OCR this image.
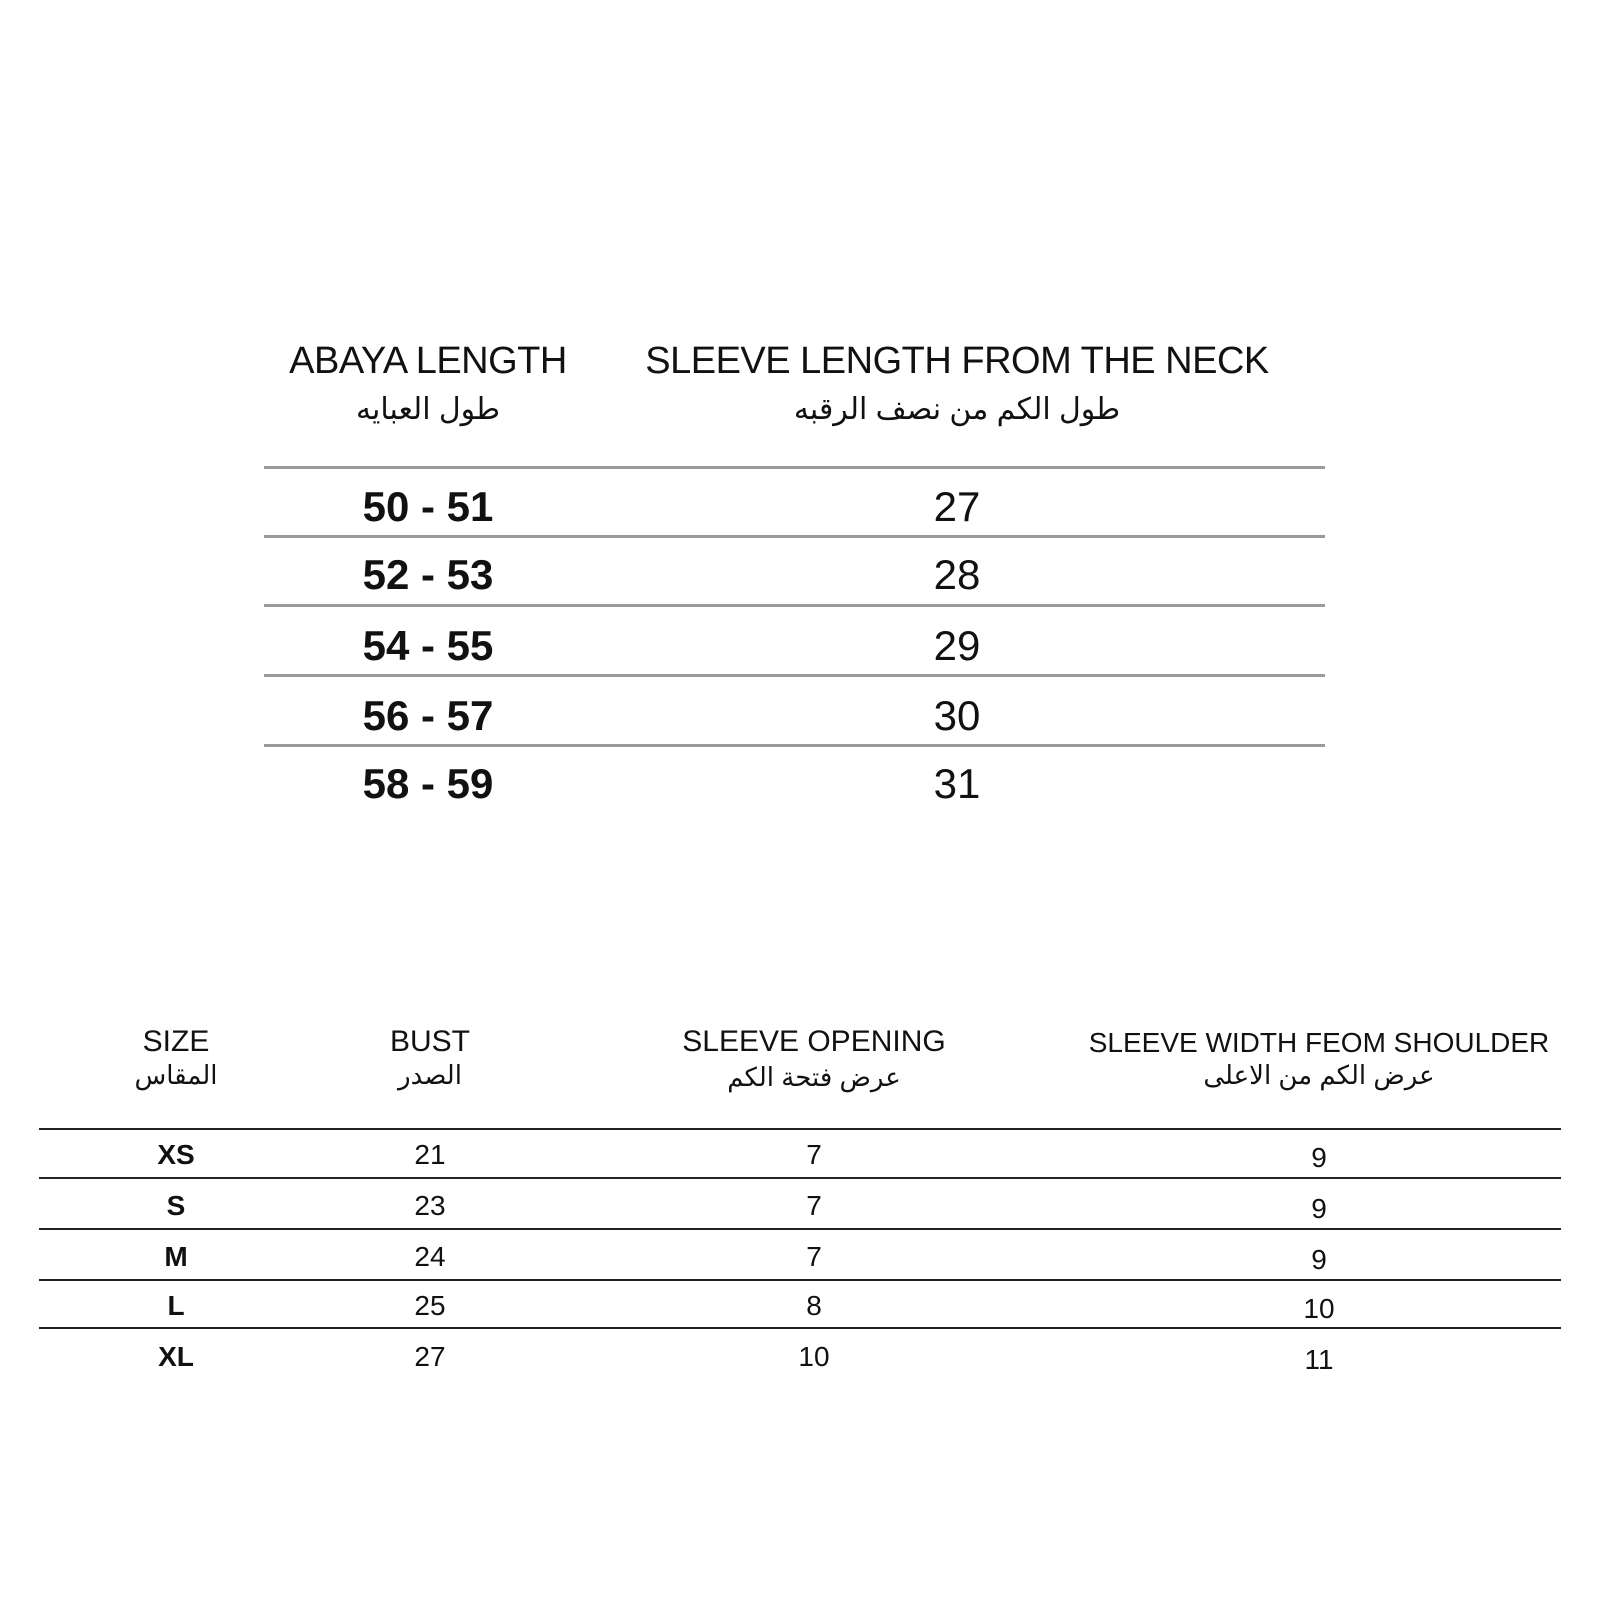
ABAYA LENGTH
طول العبايه
SLEEVE LENGTH FROM THE NECK
طول الكم من نصف الرقبه
50 - 51	27
52 - 53	28
54 - 55	29
56 - 57	30
58 - 59	31
SIZE
المقاس
BUST
الصدر
SLEEVE OPENING
عرض فتحة الكم
SLEEVE WIDTH FEOM SHOULDER
عرض الكم من الاعلى
XS	21	7	9
S	23	7	9
M	24	7	9
L	25	8	10
XL	27	10	11
